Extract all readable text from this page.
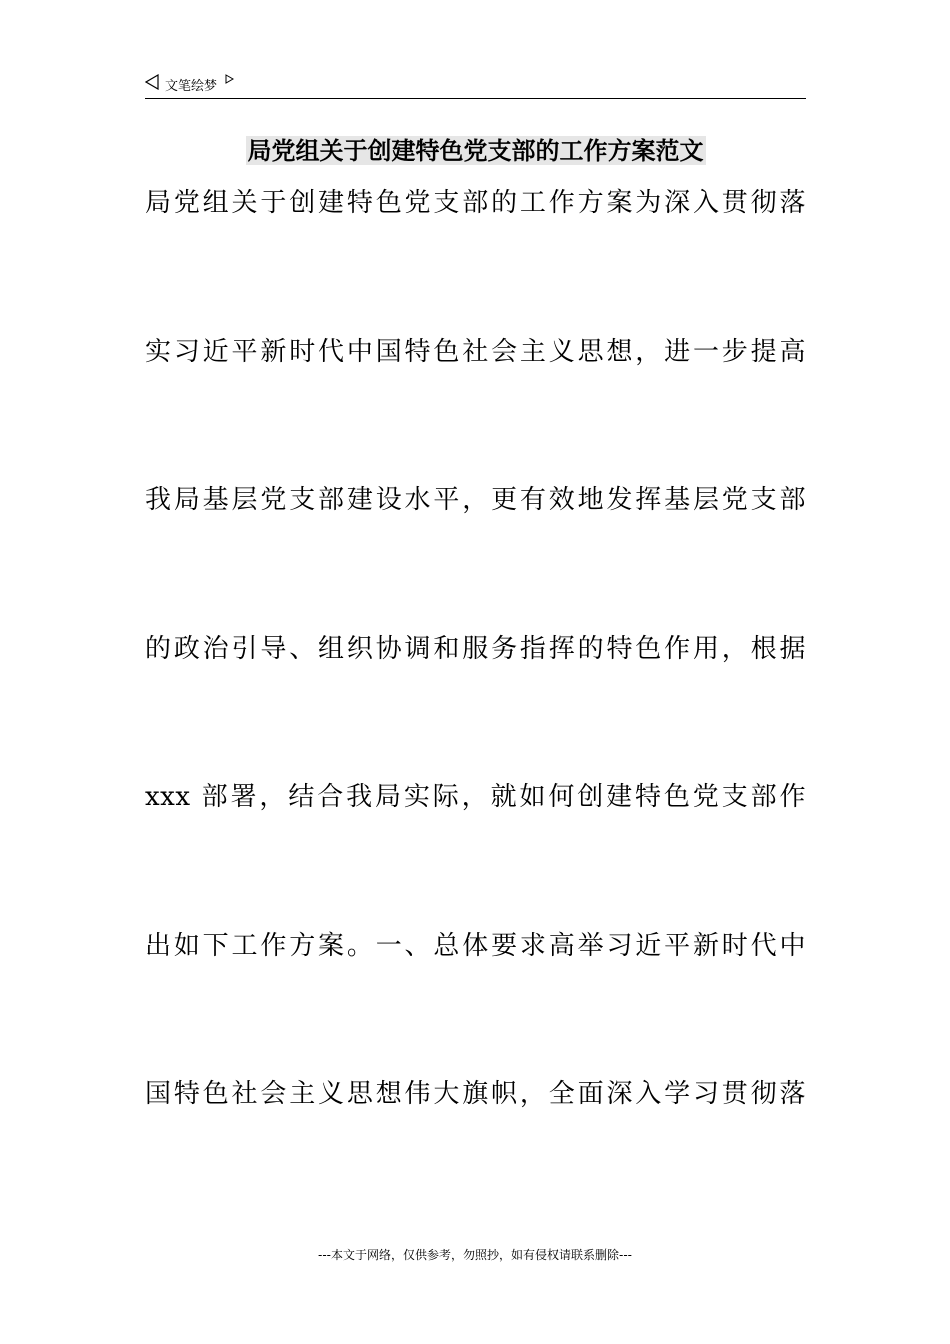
文笔绘梦
局党组关于创建特色党支部的工作方案范文
局党组关于创建特色党支部的工作方案为深入贯彻落
实习近平新时代中国特色社会主义思想，进一步提高
我局基层党支部建设水平，更有效地发挥基层党支部
的政治引导、组织协调和服务指挥的特色作用，根据
xxx 部署，结合我局实际，就如何创建特色党支部作
出如下工作方案。一、总体要求高举习近平新时代中
国特色社会主义思想伟大旗帜，全面深入学习贯彻落
---本文于网络，仅供参考，勿照抄，如有侵权请联系删除---
